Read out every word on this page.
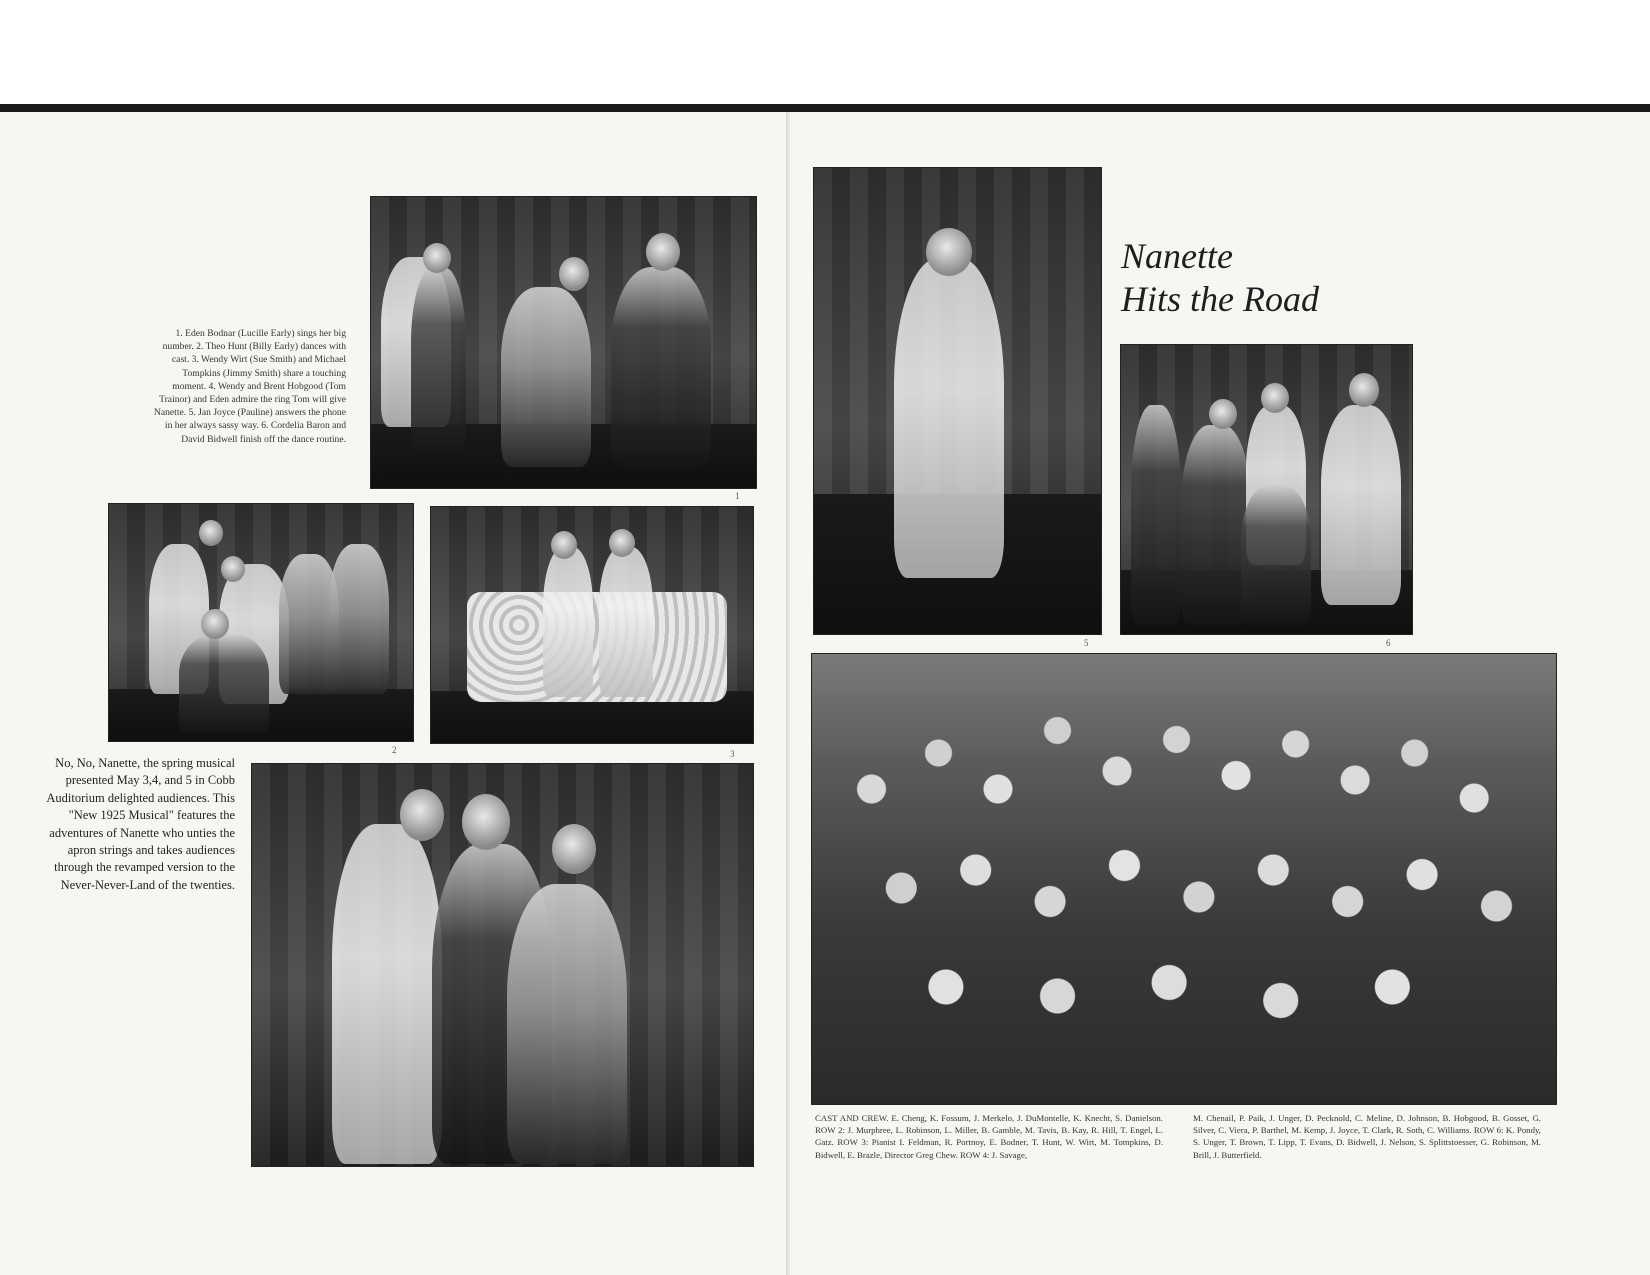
1
1. Eden Bodnar (Lucille Early) sings her big number. 2. Theo Hunt (Billy Early) dances with cast. 3. Wendy Wirt (Sue Smith) and Michael Tompkins (Jimmy Smith) share a touching moment. 4. Wendy and Brent Hobgood (Tom Trainor) and Eden admire the ring Tom will give Nanette. 5. Jan Joyce (Pauline) answers the phone in her always sassy way. 6. Cordelia Baron and David Bidwell finish off the dance routine.
2	3
No, No, Nanette, the spring musical presented May 3,4, and 5 in Cobb Auditorium delighted audiences. This "New 1925 Musical" features the adventures of Nanette who unties the apron strings and takes audiences through the revamped version to the Never-Never-Land of the twenties.
5
Nanette
Hits the Road
6
CAST AND CREW. E. Cheng, K. Fossum, J. Merkelo, J. DuMontelle, K. Knecht, S. Danielson. ROW 2: J. Murphree, L. Robinson, L. Miller, B. Gamble, M. Tavis, B. Kay, R. Hill, T. Engel, L. Gatz. ROW 3: Pianist I. Feldman, R. Portnoy, E. Bodner, T. Hunt, W. Wirt, M. Tompkins, D. Bidwell, E. Brazle, Director Greg Chew. ROW 4: J. Savage,
M. Chenail, P. Paik, J. Unger, D. Pecknold, C. Meline, D. Johnson, B. Hobgood, B. Gosset, G. Silver, C. Viera, P. Barthel, M. Kemp, J. Joyce, T. Clark, R. Soth, C. Williams. ROW 6: K. Pondy, S. Unger, T. Brown, T. Lipp, T. Evans, D. Bidwell, J. Nelson, S. Splittstoesser, G. Robinson, M. Brill, J. Butterfield.
